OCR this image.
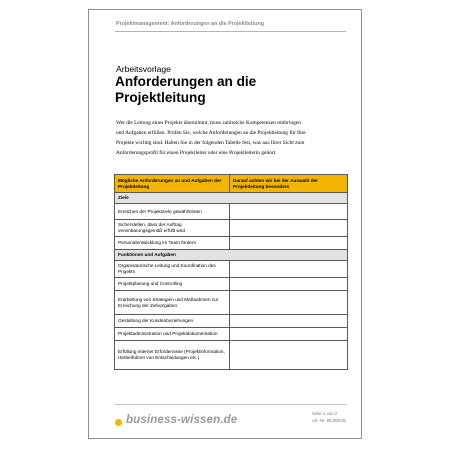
Projektmanagement: Anforderungen an die Projektleitung
Arbeitsvorlage
Anforderungen an die Projektleitung

Wer die Leitung eines Projekts übernimmt, muss zahlreiche Kompetenzen mitbringen und Aufgaben erfüllen. Prüfen Sie, welche Anforderungen an die Projektleitung für Ihre Projekte wichtig sind. Halten Sie in der folgenden Tabelle fest, was aus Ihrer Sicht zum Anforderungsprofil für einen Projektleiter oder eine Projektleiterin gehört.

Mögliche Anforderungen an und Aufgaben der Projektleitung	Darauf achten wir bei der Auswahl der Projektleitung besonders
Ziele	
Erreichen der Projektziele gewährleisten	
Sicherstellen, dass der Auftrag vereinbarungsgemäß erfüllt wird	
Personalentwicklung im Team fördern	
Funktionen und Aufgaben	
Organisatorische Leitung und Koordination des Projekts	
Projektplanung und Controlling	
Erarbeitung von Strategien und Maßnahmen zur Erreichung der Zielvorgaben	
Gestaltung der Kundenbeziehungen	
Projektadministration und Projektdokumentation	
Erfüllung interner Erfordernisse (Projektinformation, Herbeiführen von Entscheidungen etc.)	
business-wissen.de	Seite 1 von 2
Art.-Nr. 96.089.00
